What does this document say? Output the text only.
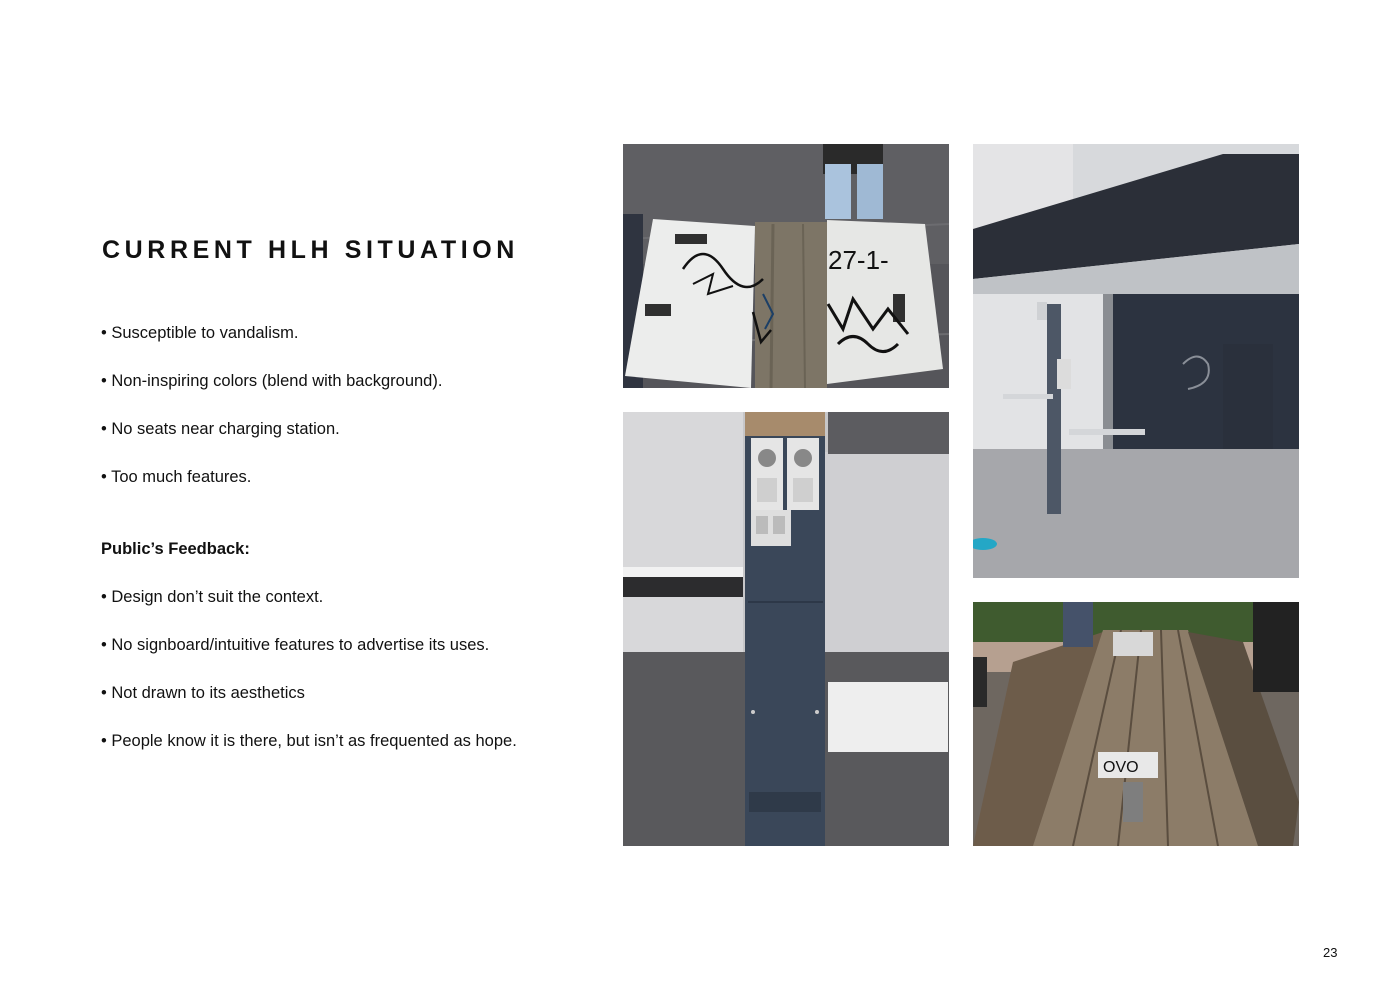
CURRENT HLH SITUATION
• Susceptible to vandalism.
• Non-inspiring colors (blend with background).
• No seats near charging station.
• Too much features.
Public’s Feedback:
• Design don’t suit the context.
• No signboard/intuitive features to advertise its uses.
• Not drawn to its aesthetics
• People know it is there, but isn’t as frequented as hope.
27-1-
OVO
23
